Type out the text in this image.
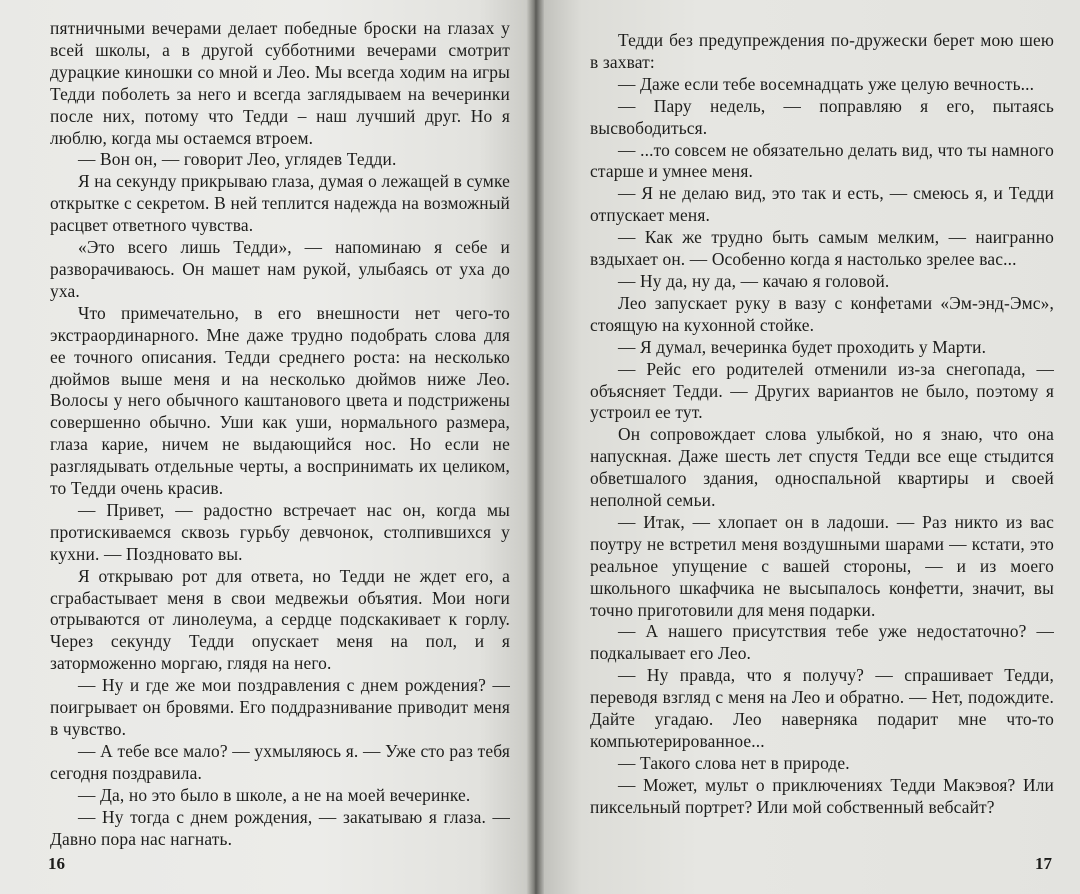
пятничными вечерами делает победные броски на глазах у всей школы, а в другой субботними вечерами смотрит дурацкие киношки со мной и Лео. Мы всегда ходим на игры Тедди поболеть за него и всегда заглядываем на вечеринки после них, потому что Тедди – наш лучший друг. Но я люблю, когда мы остаемся втроем.

— Вон он, — говорит Лео, углядев Тедди.

Я на секунду прикрываю глаза, думая о лежащей в сумке открытке с секретом. В ней теплится надежда на возможный расцвет ответного чувства.

«Это всего лишь Тедди», — напоминаю я себе и разворачиваюсь. Он машет нам рукой, улыбаясь от уха до уха.

Что примечательно, в его внешности нет чего-то экстраординарного. Мне даже трудно подобрать слова для ее точного описания. Тедди среднего роста: на несколько дюймов выше меня и на несколько дюймов ниже Лео. Волосы у него обычного каштанового цвета и подстрижены совершенно обычно. Уши как уши, нормального размера, глаза карие, ничем не выдающийся нос. Но если не разглядывать отдельные черты, а воспринимать их целиком, то Тедди очень красив.

— Привет, — радостно встречает нас он, когда мы протискиваемся сквозь гурьбу девчонок, столпившихся у кухни. — Поздновато вы.

Я открываю рот для ответа, но Тедди не ждет его, а сграбастывает меня в свои медвежьи объятия. Мои ноги отрываются от линолеума, а сердце подскакивает к горлу. Через секунду Тедди опускает меня на пол, и я заторможенно моргаю, глядя на него.

— Ну и где же мои поздравления с днем рождения? — поигрывает он бровями. Его поддразнивание приводит меня в чувство.

— А тебе все мало? — ухмыляюсь я. — Уже сто раз тебя сегодня поздравила.

— Да, но это было в школе, а не на моей вечеринке.

— Ну тогда с днем рождения, — закатываю я глаза. — Давно пора нас нагнать.

16

Тедди без предупреждения по-дружески берет мою шею в захват:

— Даже если тебе восемнадцать уже целую вечность...

— Пару недель, — поправляю я его, пытаясь высвободиться.

— ...то совсем не обязательно делать вид, что ты намного старше и умнее меня.

— Я не делаю вид, это так и есть, — смеюсь я, и Тедди отпускает меня.

— Как же трудно быть самым мелким, — наигранно вздыхает он. — Особенно когда я настолько зрелее вас...

— Ну да, ну да, — качаю я головой.

Лео запускает руку в вазу с конфетами «Эм-энд-Эмс», стоящую на кухонной стойке.

— Я думал, вечеринка будет проходить у Марти.

— Рейс его родителей отменили из-за снегопада, — объясняет Тедди. — Других вариантов не было, поэтому я устроил ее тут.

Он сопровождает слова улыбкой, но я знаю, что она напускная. Даже шесть лет спустя Тедди все еще стыдится обветшалого здания, односпальной квартиры и своей неполной семьи.

— Итак, — хлопает он в ладоши. — Раз никто из вас поутру не встретил меня воздушными шарами — кстати, это реальное упущение с вашей стороны, — и из моего школьного шкафчика не высыпалось конфетти, значит, вы точно приготовили для меня подарки.

— А нашего присутствия тебе уже недостаточно? — подкалывает его Лео.

— Ну правда, что я получу? — спрашивает Тедди, переводя взгляд с меня на Лео и обратно. — Нет, подождите. Дайте угадаю. Лео наверняка подарит мне что-то компьютерированное...

— Такого слова нет в природе.

— Может, мульт о приключениях Тедди Макэвоя? Или пиксельный портрет? Или мой собственный вебсайт?

17
